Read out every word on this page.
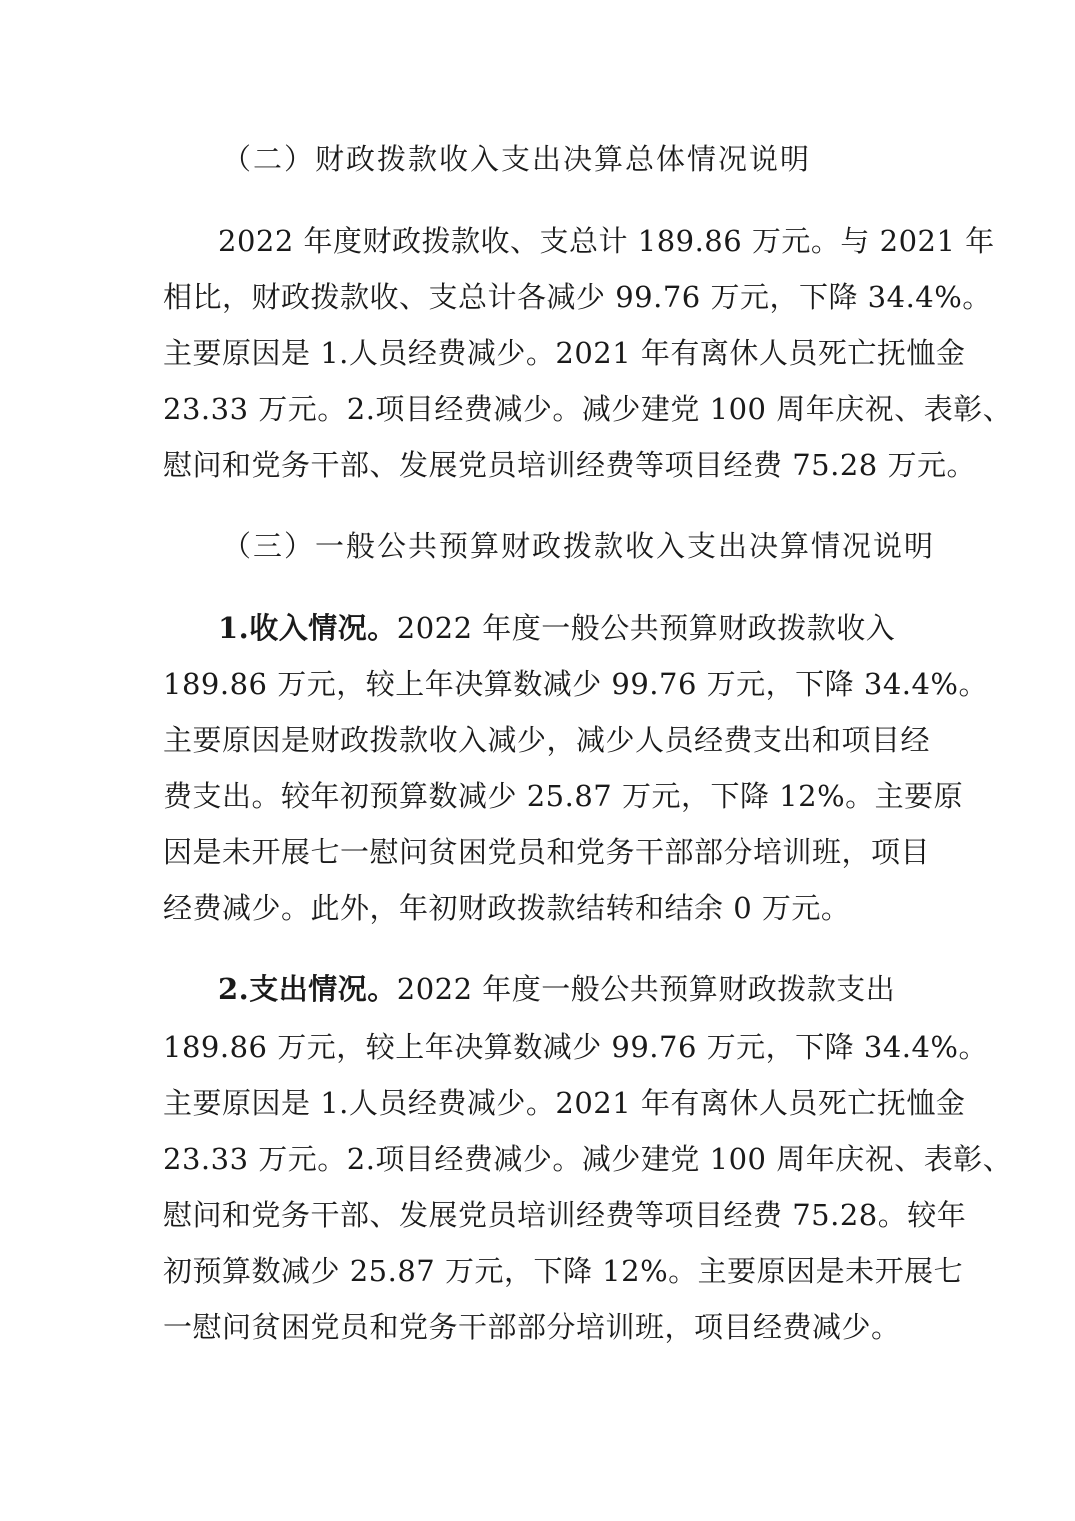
（二）财政拨款收入支出决算总体情况说明
2022 年度财政拨款收、支总计 189.86 万元。与 2021 年
相比，财政拨款收、支总计各减少 99.76 万元，下降 34.4%。
主要原因是 1.人员经费减少。2021 年有离休人员死亡抚恤金
23.33 万元。2.项目经费减少。减少建党 100 周年庆祝、表彰、
慰问和党务干部、发展党员培训经费等项目经费 75.28 万元。
（三）一般公共预算财政拨款收入支出决算情况说明
1.收入情况。2022 年度一般公共预算财政拨款收入
189.86 万元，较上年决算数减少 99.76 万元，下降 34.4%。
主要原因是财政拨款收入减少，减少人员经费支出和项目经
费支出。较年初预算数减少 25.87 万元，下降 12%。主要原
因是未开展七一慰问贫困党员和党务干部部分培训班，项目
经费减少。此外，年初财政拨款结转和结余 0 万元。
2.支出情况。2022 年度一般公共预算财政拨款支出
189.86 万元，较上年决算数减少 99.76 万元，下降 34.4%。
主要原因是 1.人员经费减少。2021 年有离休人员死亡抚恤金
23.33 万元。2.项目经费减少。减少建党 100 周年庆祝、表彰、
慰问和党务干部、发展党员培训经费等项目经费 75.28。较年
初预算数减少 25.87 万元，下降 12%。主要原因是未开展七
一慰问贫困党员和党务干部部分培训班，项目经费减少。
